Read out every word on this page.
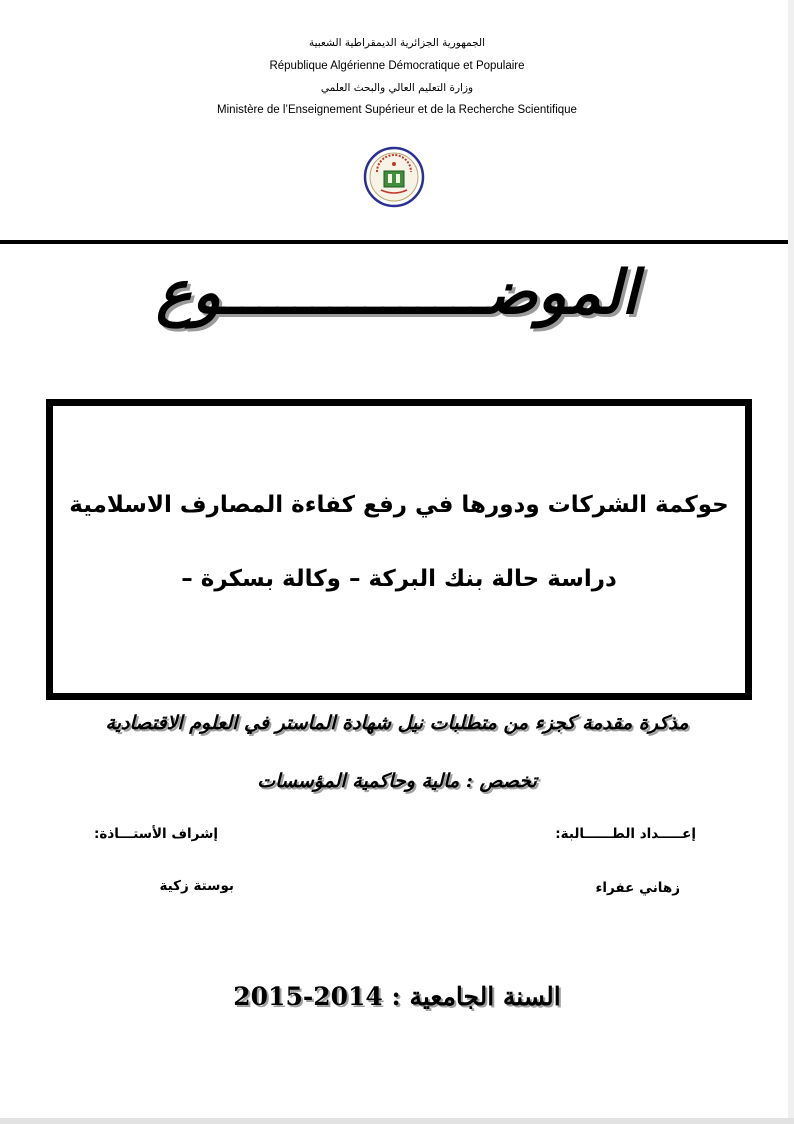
الجمهورية الجزائرية الديمقراطية الشعبية
République Algérienne Démocratique et Populaire
وزارة التعليم العالي والبحث العلمي
Ministère de l’Enseignement Supérieur et de la Recherche Scientifique
الموضـــــــــــــــوع
حوكمة الشركات ودورها في رفع كفاءة المصارف الاسلامية
دراسة حالة بنك البركة – وكالة بسكرة –
مذكرة مقدمة كجزء من متطلبات نيل شهادة الماستر في العلوم الاقتصادية
تخصص : مالية وحاكمية المؤسسات
إعـــــداد الطــــــالبة:
إشراف الأستـــاذة:
زهاني عفراء
بوستة زكية
السنة الجامعية : 2014-2015
